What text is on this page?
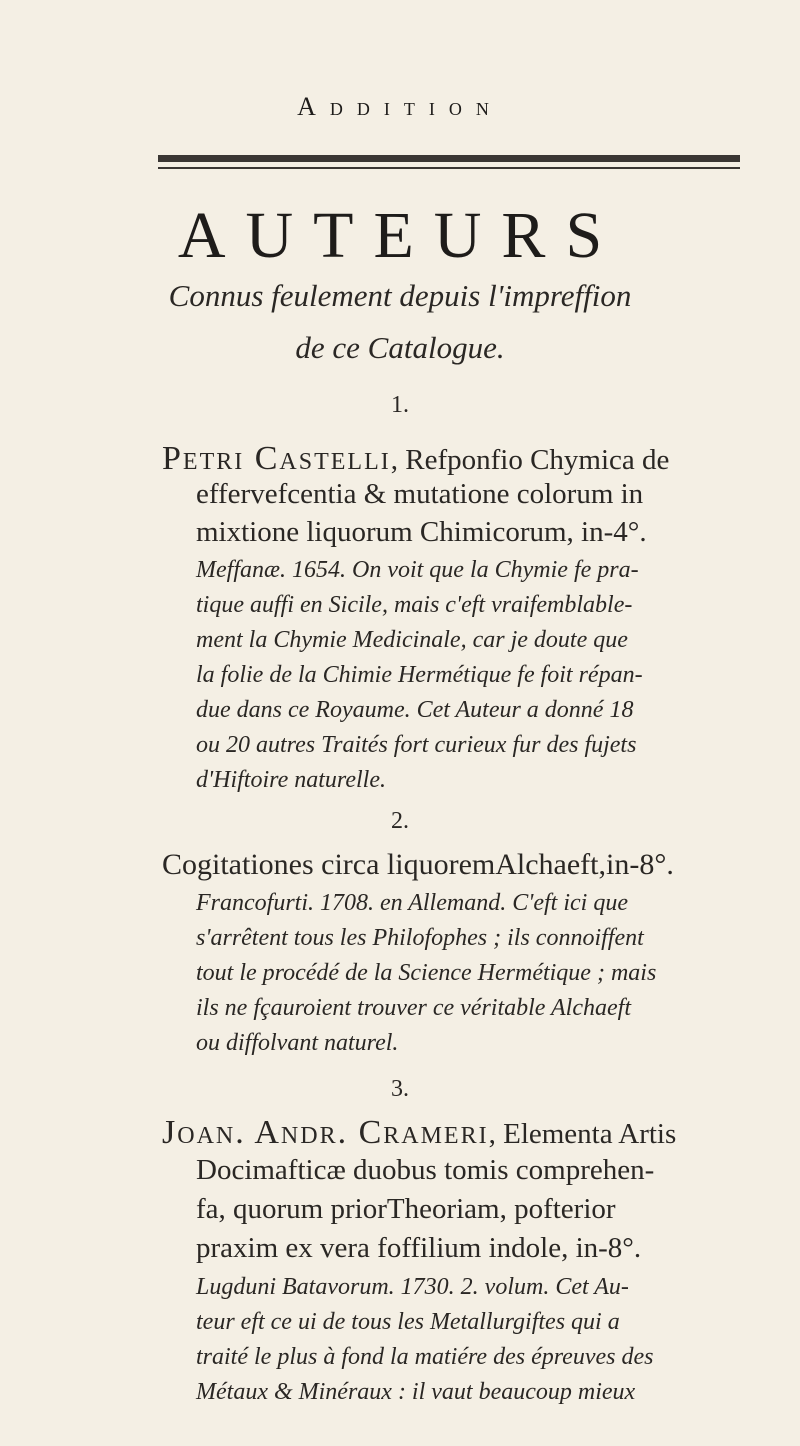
Addition
AUTEURS
Connus feulement depuis l'impreffion
de ce Catalogue.
1.
Petri Castelli, Refponfio Chymica de
effervefcentia & mutatione colorum in
mixtione liquorum Chimicorum, in-4°.
Meffanæ. 1654. On voit que la Chymie fe pra-
tique auffi en Sicile, mais c'eft vraifemblable-
ment la Chymie Medicinale, car je doute que
la folie de la Chimie Hermétique fe foit répan-
due dans ce Royaume. Cet Auteur a donné 18
ou 20 autres Traités fort curieux fur des fujets
d'Hiftoire naturelle.
2.
Cogitationes circa liquoremAlchaeft,in-8°.
Francofurti. 1708. en Allemand. C'eft ici que
s'arrêtent tous les Philofophes ; ils connoiffent
tout le procédé de la Science Hermétique ; mais
ils ne fçauroient trouver ce véritable Alchaeft
ou diffolvant naturel.
3.
Joan. Andr. Crameri, Elementa Artis
Docimafticæ duobus tomis comprehen-
fa, quorum priorTheoriam, pofterior
praxim ex vera foffilium indole, in-8°.
Lugduni Batavorum. 1730. 2. volum. Cet Au-
teur eft ce ui de tous les Metallurgiftes qui a
traité le plus à fond la matiére des épreuves des
Métaux & Minéraux : il vaut beaucoup mieux
